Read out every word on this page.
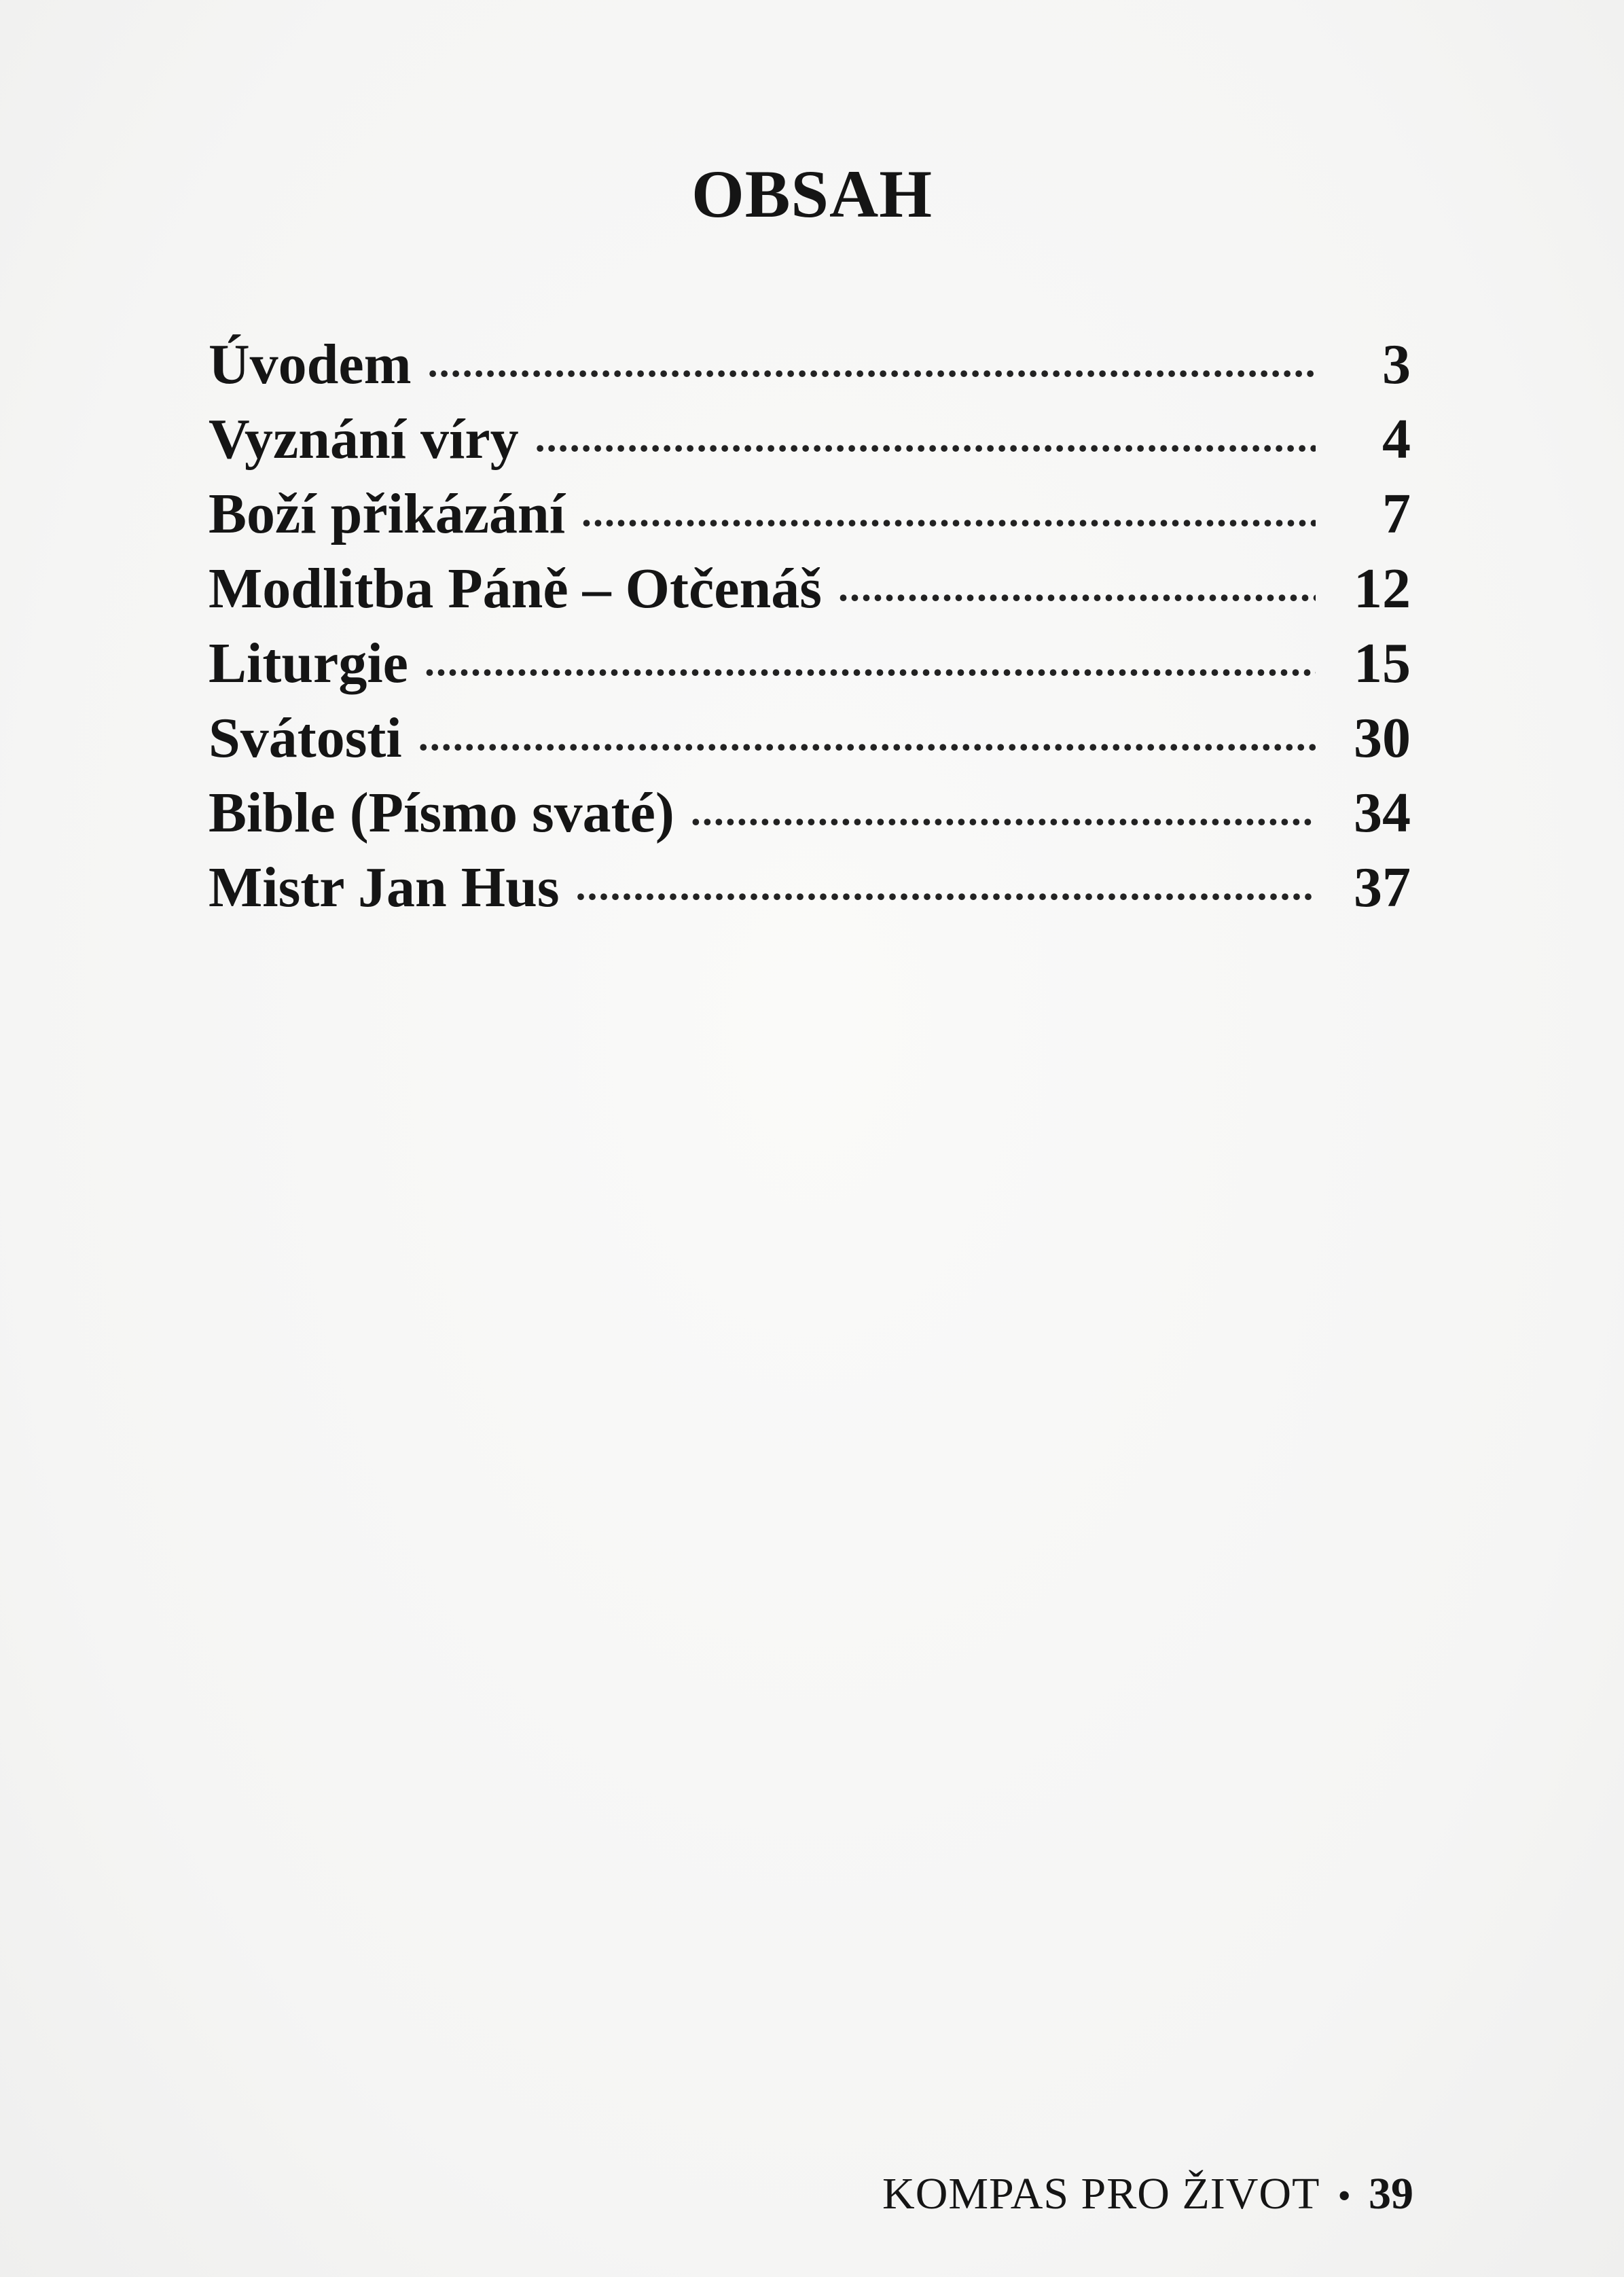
OBSAH
Úvodem .....	3
Vyznání víry .....	4
Boží přikázání .....	7
Modlitba Páně – Otčenáš .....	12
Liturgie .....	15
Svátosti .....	30
Bible (Písmo svaté) .....	34
Mistr Jan Hus .....	37
KOMPAS PRO ŽIVOT • 39
